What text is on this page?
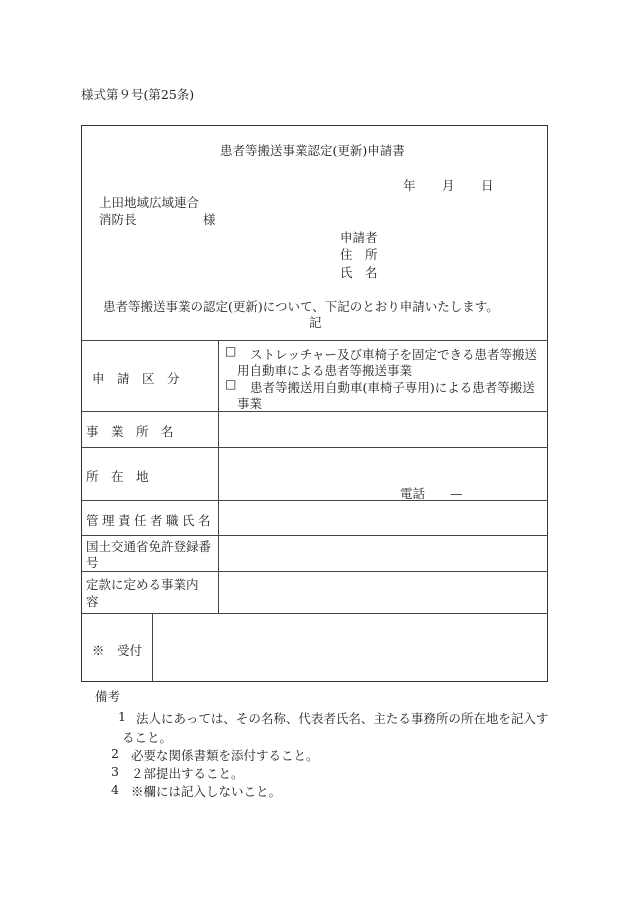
様式第９号(第25条)
患者等搬送事業認定(更新)申請書
年 月 日
上田地域広域連合
消防長	様
申請者
住　所
氏　名
患者等搬送事業の認定(更新)について、下記のとおり申請いたします。
記
申　請　区　分
□ ストレッチャー及び車椅子を固定できる患者等搬送
用自動車による患者等搬送事業
□ 患者等搬送用自動車(車椅子専用)による患者等搬送
事業
事　業　所　名
所　在　地
電話　　—
管理責任者職氏名
国土交通省免許登録番
号
定款に定める事業内
容
※　受付
備考
1 法人にあっては、その名称、代表者氏名、主たる事務所の所在地を記入す
ること。
2 必要な関係書類を添付すること。
3 ２部提出すること。
4 ※欄には記入しないこと。
